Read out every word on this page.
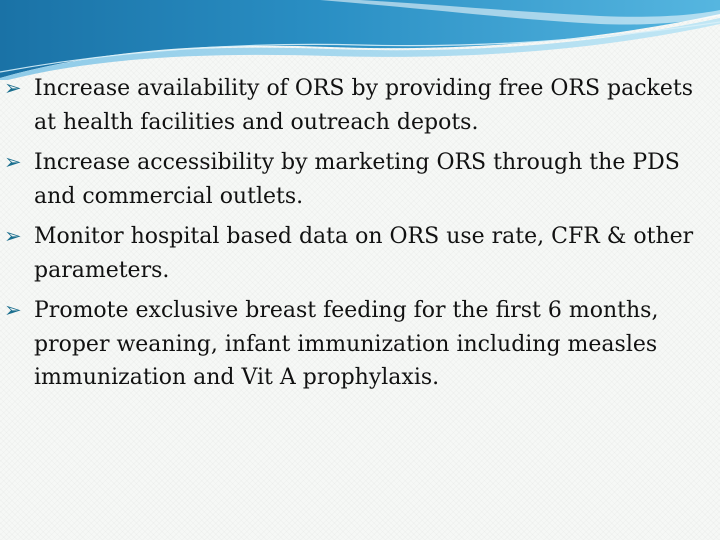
➢ Increase availability of ORS by providing free ORS packets at health facilities and outreach depots.
➢ Increase accessibility by marketing ORS through the PDS and commercial outlets.
➢ Monitor hospital based data on ORS use rate, CFR & other parameters.
➢ Promote exclusive breast feeding for the first 6 months, proper weaning, infant immunization including measles immunization and Vit A prophylaxis.
